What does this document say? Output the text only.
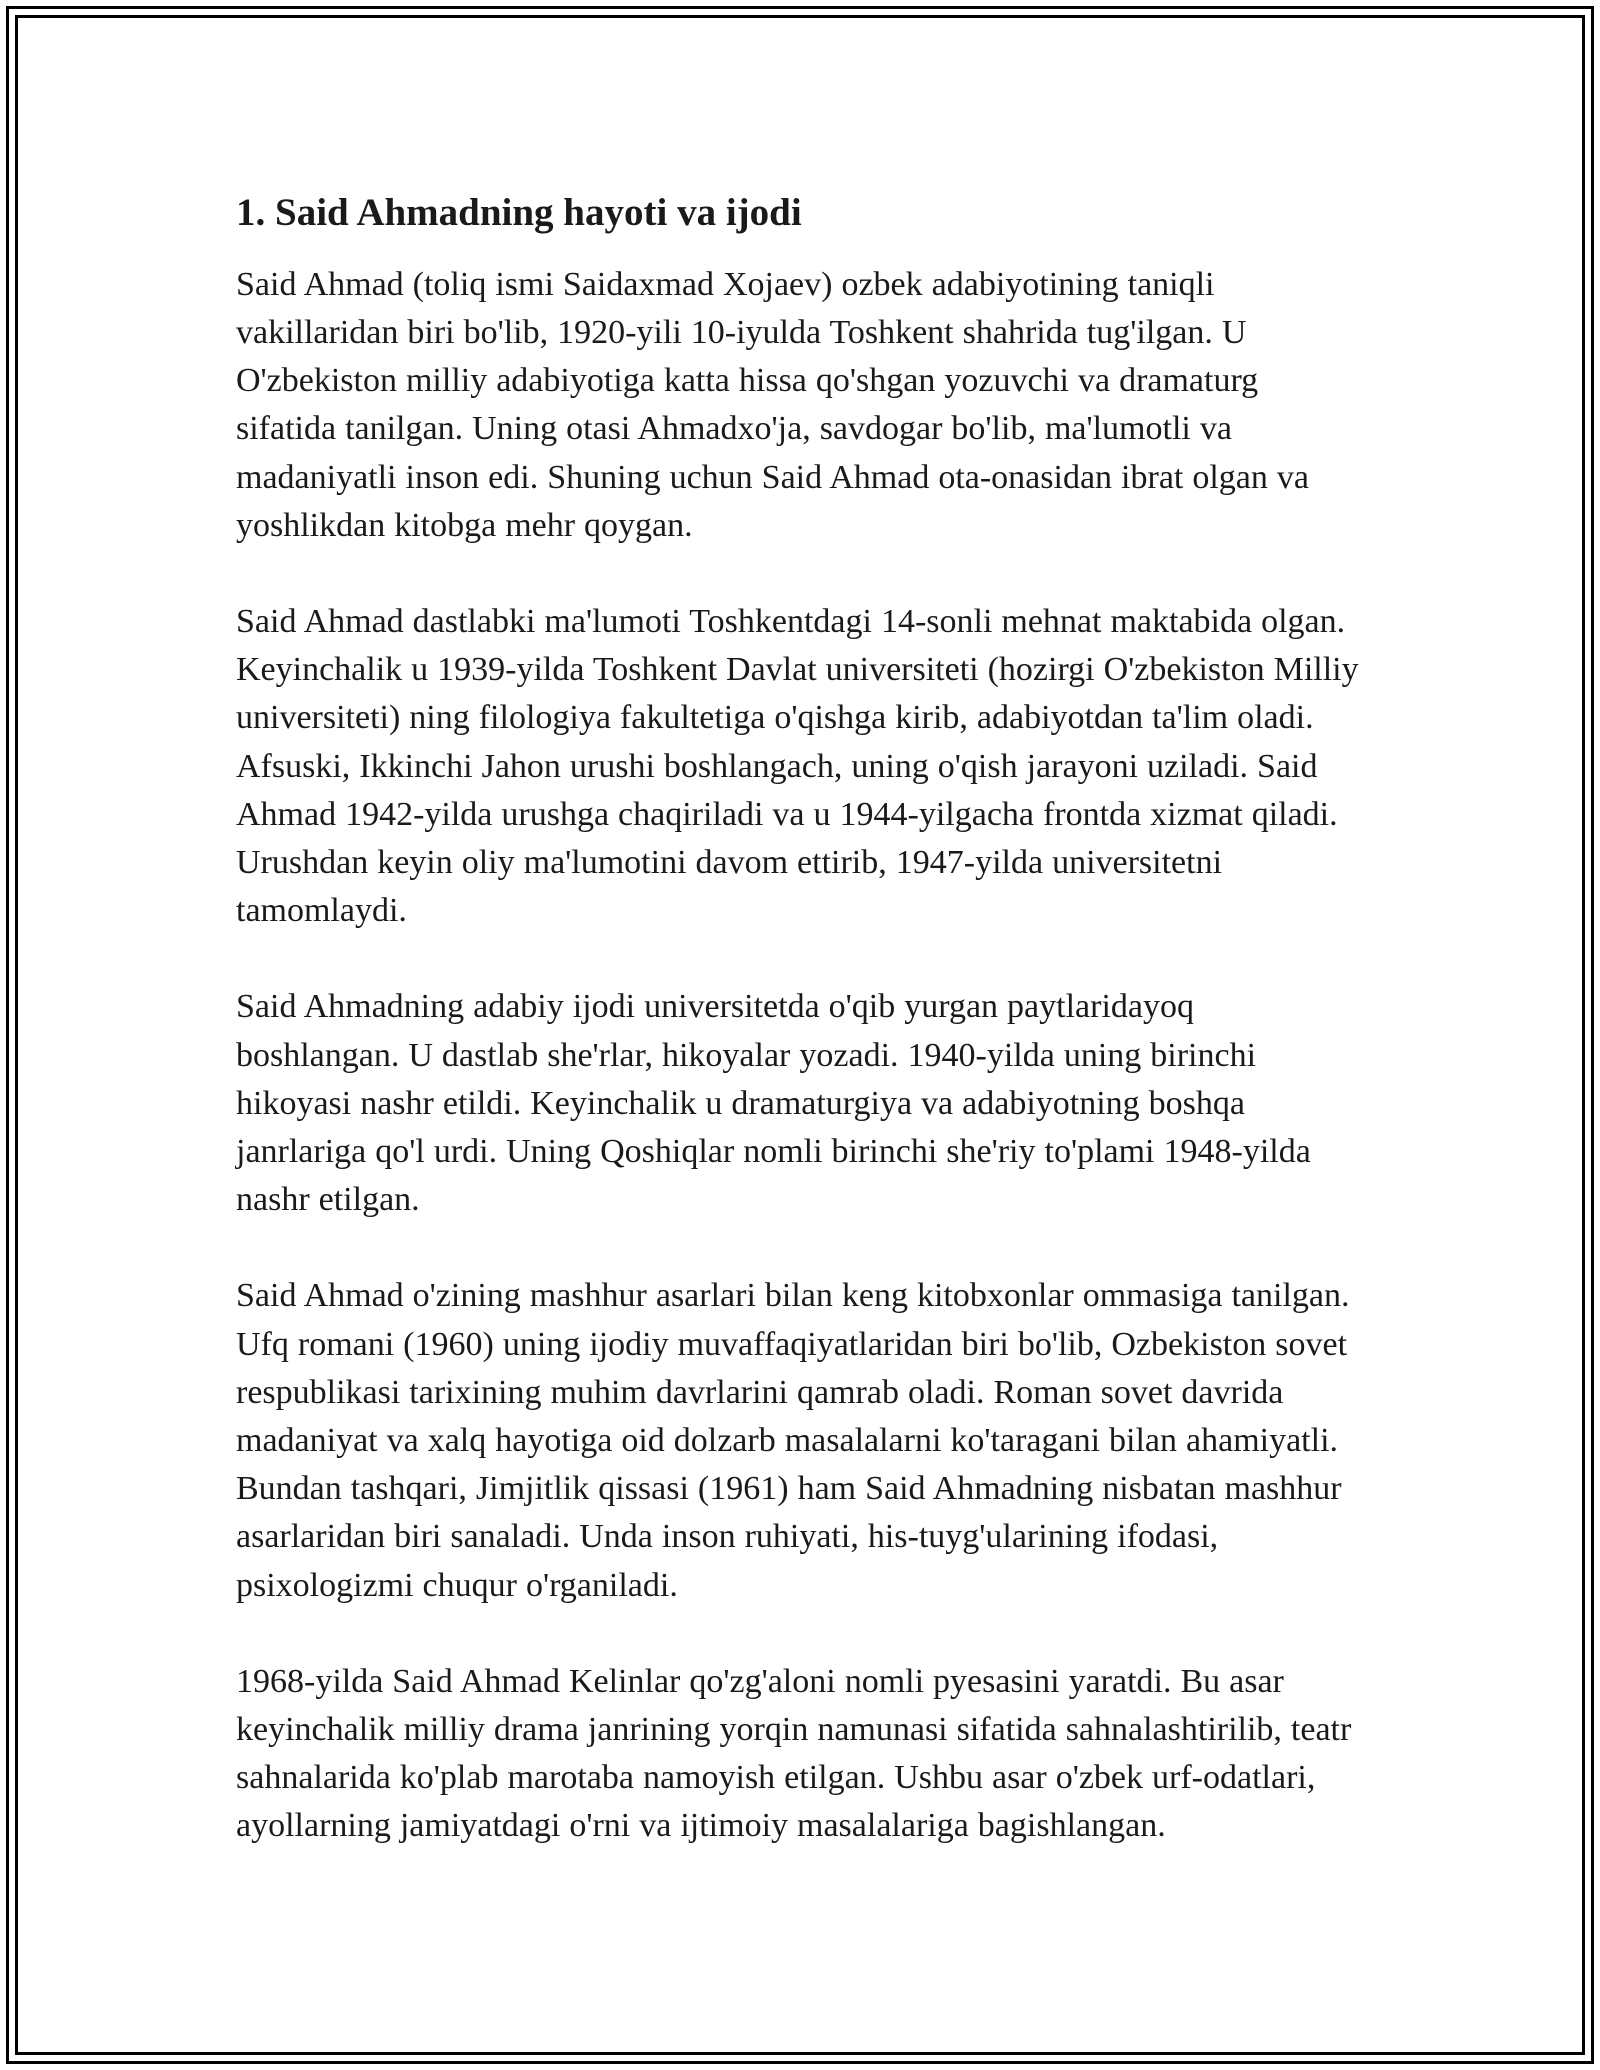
1. Said Ahmadning hayoti va ijodi

Said Ahmad (toliq ismi Saidaxmad Xojaev) ozbek adabiyotining taniqli vakillaridan biri bo'lib, 1920-yili 10-iyulda Toshkent shahrida tug'ilgan. U O'zbekiston milliy adabiyotiga katta hissa qo'shgan yozuvchi va dramaturg sifatida tanilgan. Uning otasi Ahmadxo'ja, savdogar bo'lib, ma'lumotli va madaniyatli inson edi. Shuning uchun Said Ahmad ota-onasidan ibrat olgan va yoshlikdan kitobga mehr qoygan.

Said Ahmad dastlabki ma'lumoti Toshkentdagi 14-sonli mehnat maktabida olgan. Keyinchalik u 1939-yilda Toshkent Davlat universiteti (hozirgi O'zbekiston Milliy universiteti) ning filologiya fakultetiga o'qishga kirib, adabiyotdan ta'lim oladi. Afsuski, Ikkinchi Jahon urushi boshlangach, uning o'qish jarayoni uziladi. Said Ahmad 1942-yilda urushga chaqiriladi va u 1944-yilgacha frontda xizmat qiladi. Urushdan keyin oliy ma'lumotini davom ettirib, 1947-yilda universitetni tamomlaydi.

Said Ahmadning adabiy ijodi universitetda o'qib yurgan paytlaridayoq boshlangan. U dastlab she'rlar, hikoyalar yozadi. 1940-yilda uning birinchi hikoyasi nashr etildi. Keyinchalik u dramaturgiya va adabiyotning boshqa janrlariga qo'l urdi. Uning Qoshiqlar nomli birinchi she'riy to'plami 1948-yilda nashr etilgan.

Said Ahmad o'zining mashhur asarlari bilan keng kitobxonlar ommasiga tanilgan. Ufq romani (1960) uning ijodiy muvaffaqiyatlaridan biri bo'lib, Ozbekiston sovet respublikasi tarixining muhim davrlarini qamrab oladi. Roman sovet davrida madaniyat va xalq hayotiga oid dolzarb masalalarni ko'taragani bilan ahamiyatli. Bundan tashqari, Jimjitlik qissasi (1961) ham Said Ahmadning nisbatan mashhur asarlaridan biri sanaladi. Unda inson ruhiyati, his-tuyg'ularining ifodasi, psixologizmi chuqur o'rganiladi.

1968-yilda Said Ahmad Kelinlar qo'zg'aloni nomli pyesasini yaratdi. Bu asar keyinchalik milliy drama janrining yorqin namunasi sifatida sahnalashtirilib, teatr sahnalarida ko'plab marotaba namoyish etilgan. Ushbu asar o'zbek urf-odatlari, ayollarning jamiyatdagi o'rni va ijtimoiy masalalariga bagishlangan.
